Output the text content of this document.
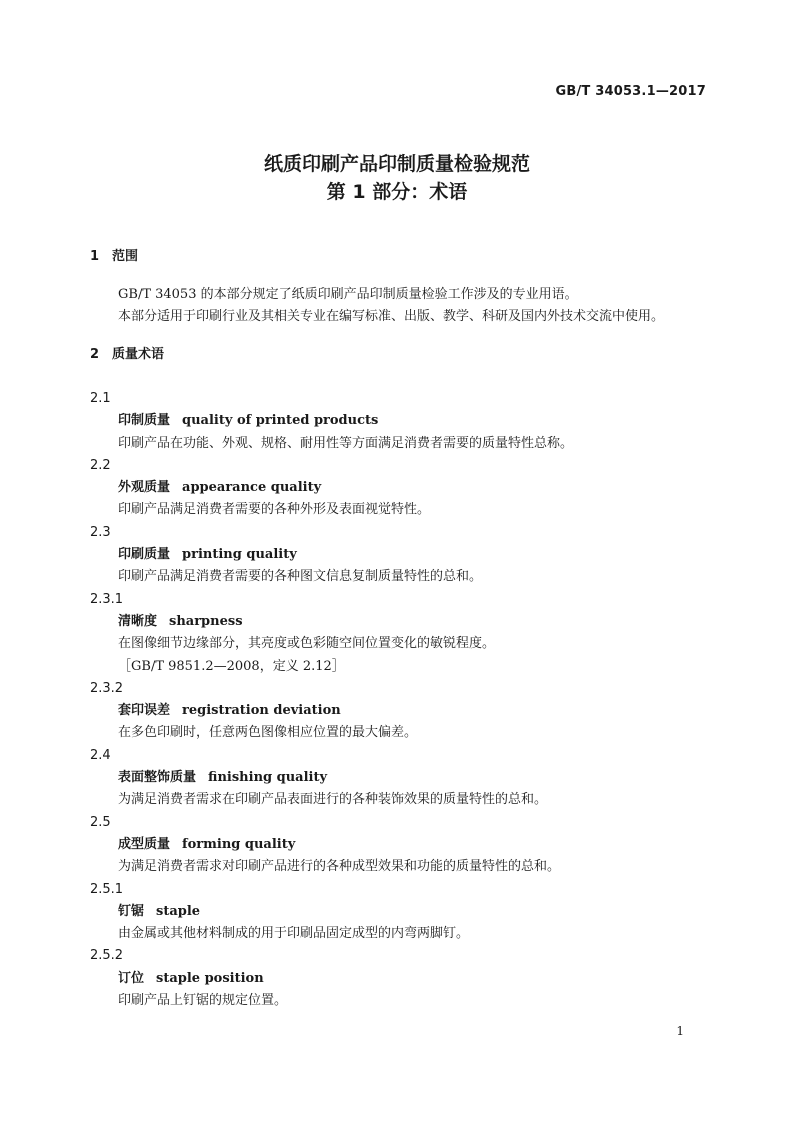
GB/T 34053.1—2017
纸质印刷产品印制质量检验规范
第 1 部分：术语
1 范围
GB/T 34053 的本部分规定了纸质印刷产品印制质量检验工作涉及的专业用语。
本部分适用于印刷行业及其相关专业在编写标准、出版、教学、科研及国内外技术交流中使用。
2 质量术语
2.1
印制质量 quality of printed products
印刷产品在功能、外观、规格、耐用性等方面满足消费者需要的质量特性总称。
2.2
外观质量 appearance quality
印刷产品满足消费者需要的各种外形及表面视觉特性。
2.3
印刷质量 printing quality
印刷产品满足消费者需要的各种图文信息复制质量特性的总和。
2.3.1
清晰度 sharpness
在图像细节边缘部分，其亮度或色彩随空间位置变化的敏锐程度。
［GB/T 9851.2—2008，定义 2.12］
2.3.2
套印误差 registration deviation
在多色印刷时，任意两色图像相应位置的最大偏差。
2.4
表面整饰质量 finishing quality
为满足消费者需求在印刷产品表面进行的各种装饰效果的质量特性的总和。
2.5
成型质量 forming quality
为满足消费者需求对印刷产品进行的各种成型效果和功能的质量特性的总和。
2.5.1
钉锯 staple
由金属或其他材料制成的用于印刷品固定成型的内弯两脚钉。
2.5.2
订位 staple position
印刷产品上钉锯的规定位置。
1
